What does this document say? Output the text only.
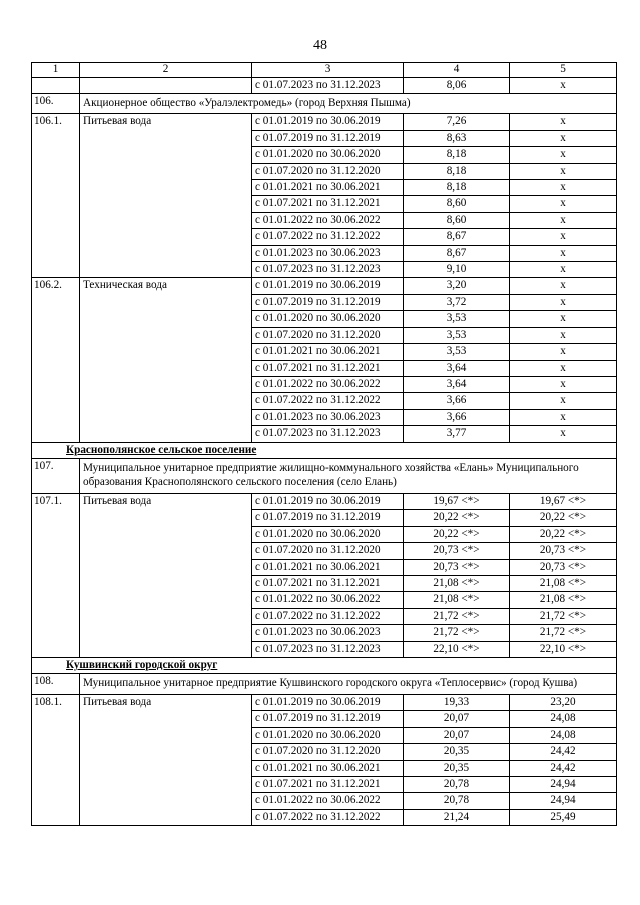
48
1	2	3	4	5
		с 01.07.2023 по 31.12.2023	8,06	х
106.	Акционерное общество «Уралэлектромедь» (город Верхняя Пышма)			
106.1.	Питьевая вода	с 01.01.2019 по 30.06.2019	7,26	х
		с 01.07.2019 по 31.12.2019	8,63	х
		с 01.01.2020 по 30.06.2020	8,18	х
		с 01.07.2020 по 31.12.2020	8,18	х
		с 01.01.2021 по 30.06.2021	8,18	х
		с 01.07.2021 по 31.12.2021	8,60	х
		с 01.01.2022 по 30.06.2022	8,60	х
		с 01.07.2022 по 31.12.2022	8,67	х
		с 01.01.2023 по 30.06.2023	8,67	х
		с 01.07.2023 по 31.12.2023	9,10	х
106.2.	Техническая вода	с 01.01.2019 по 30.06.2019	3,20	х
		с 01.07.2019 по 31.12.2019	3,72	х
		с 01.01.2020 по 30.06.2020	3,53	х
		с 01.07.2020 по 31.12.2020	3,53	х
		с 01.01.2021 по 30.06.2021	3,53	х
		с 01.07.2021 по 31.12.2021	3,64	х
		с 01.01.2022 по 30.06.2022	3,64	х
		с 01.07.2022 по 31.12.2022	3,66	х
		с 01.01.2023 по 30.06.2023	3,66	х
		с 01.07.2023 по 31.12.2023	3,77	х
Краснополянское сельское поселение				
107.	Муниципальное унитарное предприятие жилищно-коммунального хозяйства «Елань» Муниципального образования Краснополянского сельского поселения (село Елань)			
107.1.	Питьевая вода	с 01.01.2019 по 30.06.2019	19,67 <*>	19,67 <*>
		с 01.07.2019 по 31.12.2019	20,22 <*>	20,22 <*>
		с 01.01.2020 по 30.06.2020	20,22 <*>	20,22 <*>
		с 01.07.2020 по 31.12.2020	20,73 <*>	20,73 <*>
		с 01.01.2021 по 30.06.2021	20,73 <*>	20,73 <*>
		с 01.07.2021 по 31.12.2021	21,08 <*>	21,08 <*>
		с 01.01.2022 по 30.06.2022	21,08 <*>	21,08 <*>
		с 01.07.2022 по 31.12.2022	21,72 <*>	21,72 <*>
		с 01.01.2023 по 30.06.2023	21,72 <*>	21,72 <*>
		с 01.07.2023 по 31.12.2023	22,10 <*>	22,10 <*>
Кушвинский городской округ				
108.	Муниципальное унитарное предприятие Кушвинского городского округа «Теплосервис» (город Кушва)			
108.1.	Питьевая вода	с 01.01.2019 по 30.06.2019	19,33	23,20
		с 01.07.2019 по 31.12.2019	20,07	24,08
		с 01.01.2020 по 30.06.2020	20,07	24,08
		с 01.07.2020 по 31.12.2020	20,35	24,42
		с 01.01.2021 по 30.06.2021	20,35	24,42
		с 01.07.2021 по 31.12.2021	20,78	24,94
		с 01.01.2022 по 30.06.2022	20,78	24,94
		с 01.07.2022 по 31.12.2022	21,24	25,49
